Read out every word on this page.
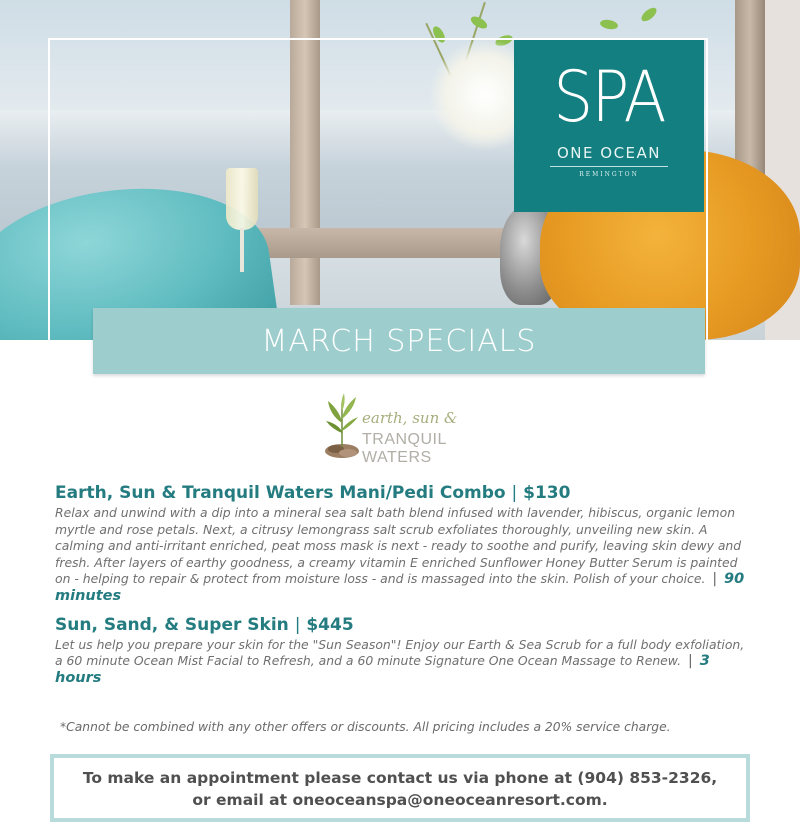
SPA
ONE OCEAN
REMINGTON
MARCH SPECIALS
earth, sun &
TRANQUIL WATERS
Earth, Sun & Tranquil Waters Mani/Pedi Combo | $130
Relax and unwind with a dip into a mineral sea salt bath blend infused with lavender, hibiscus, organic lemon myrtle and rose petals. Next, a citrusy lemongrass salt scrub exfoliates thoroughly, unveiling new skin. A calming and anti-irritant enriched, peat moss mask is next - ready to soothe and purify, leaving skin dewy and fresh. After layers of earthy goodness, a creamy vitamin E enriched Sunflower Honey Butter Serum is painted on - helping to repair & protect from moisture loss - and is massaged into the skin. Polish of your choice. | 90 minutes
Sun, Sand, & Super Skin | $445
Let us help you prepare your skin for the "Sun Season"! Enjoy our Earth & Sea Scrub for a full body exfoliation, a 60 minute Ocean Mist Facial to Refresh, and a 60 minute Signature One Ocean Massage to Renew. | 3 hours
*Cannot be combined with any other offers or discounts. All pricing includes a 20% service charge.
To make an appointment please contact us via phone at (904) 853-2326,
or email at oneoceanspa@oneoceanresort.com.
